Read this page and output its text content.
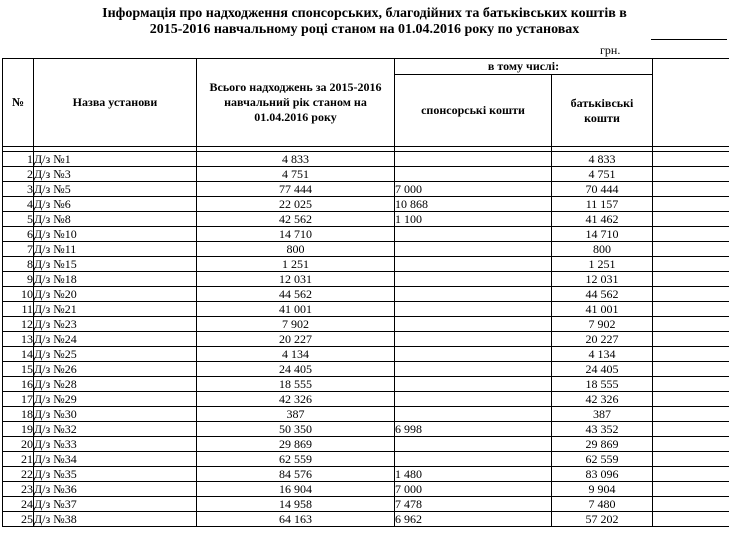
Інформація про надходження спонсорських, благодійних та батьківських коштів в
2015-2016 навчальному році станом на 01.04.2016 року по установах
грн.
№	Назва установи	Всього надходжень за 2015-2016 навчальний рік станом на 01.04.2016 року	в тому числі:		
			спонсорські кошти	батьківські кошти	

1	Д/з №1	4 833		4 833	
2	Д/з №3	4 751		4 751	
3	Д/з №5	77 444	7 000	70 444	
4	Д/з №6	22 025	10 868	11 157	
5	Д/з №8	42 562	1 100	41 462	
6	Д/з №10	14 710		14 710	
7	Д/з №11	800		800	
8	Д/з №15	1 251		1 251	
9	Д/з №18	12 031		12 031	
10	Д/з №20	44 562		44 562	
11	Д/з №21	41 001		41 001	
12	Д/з №23	7 902		7 902	
13	Д/з №24	20 227		20 227	
14	Д/з №25	4 134		4 134	
15	Д/з №26	24 405		24 405	
16	Д/з №28	18 555		18 555	
17	Д/з №29	42 326		42 326	
18	Д/з №30	387		387	
19	Д/з №32	50 350	6 998	43 352	
20	Д/з №33	29 869		29 869	
21	Д/з №34	62 559		62 559	
22	Д/з №35	84 576	1 480	83 096	
23	Д/з №36	16 904	7 000	9 904	
24	Д/з №37	14 958	7 478	7 480	
25	Д/з №38	64 163	6 962	57 202	
